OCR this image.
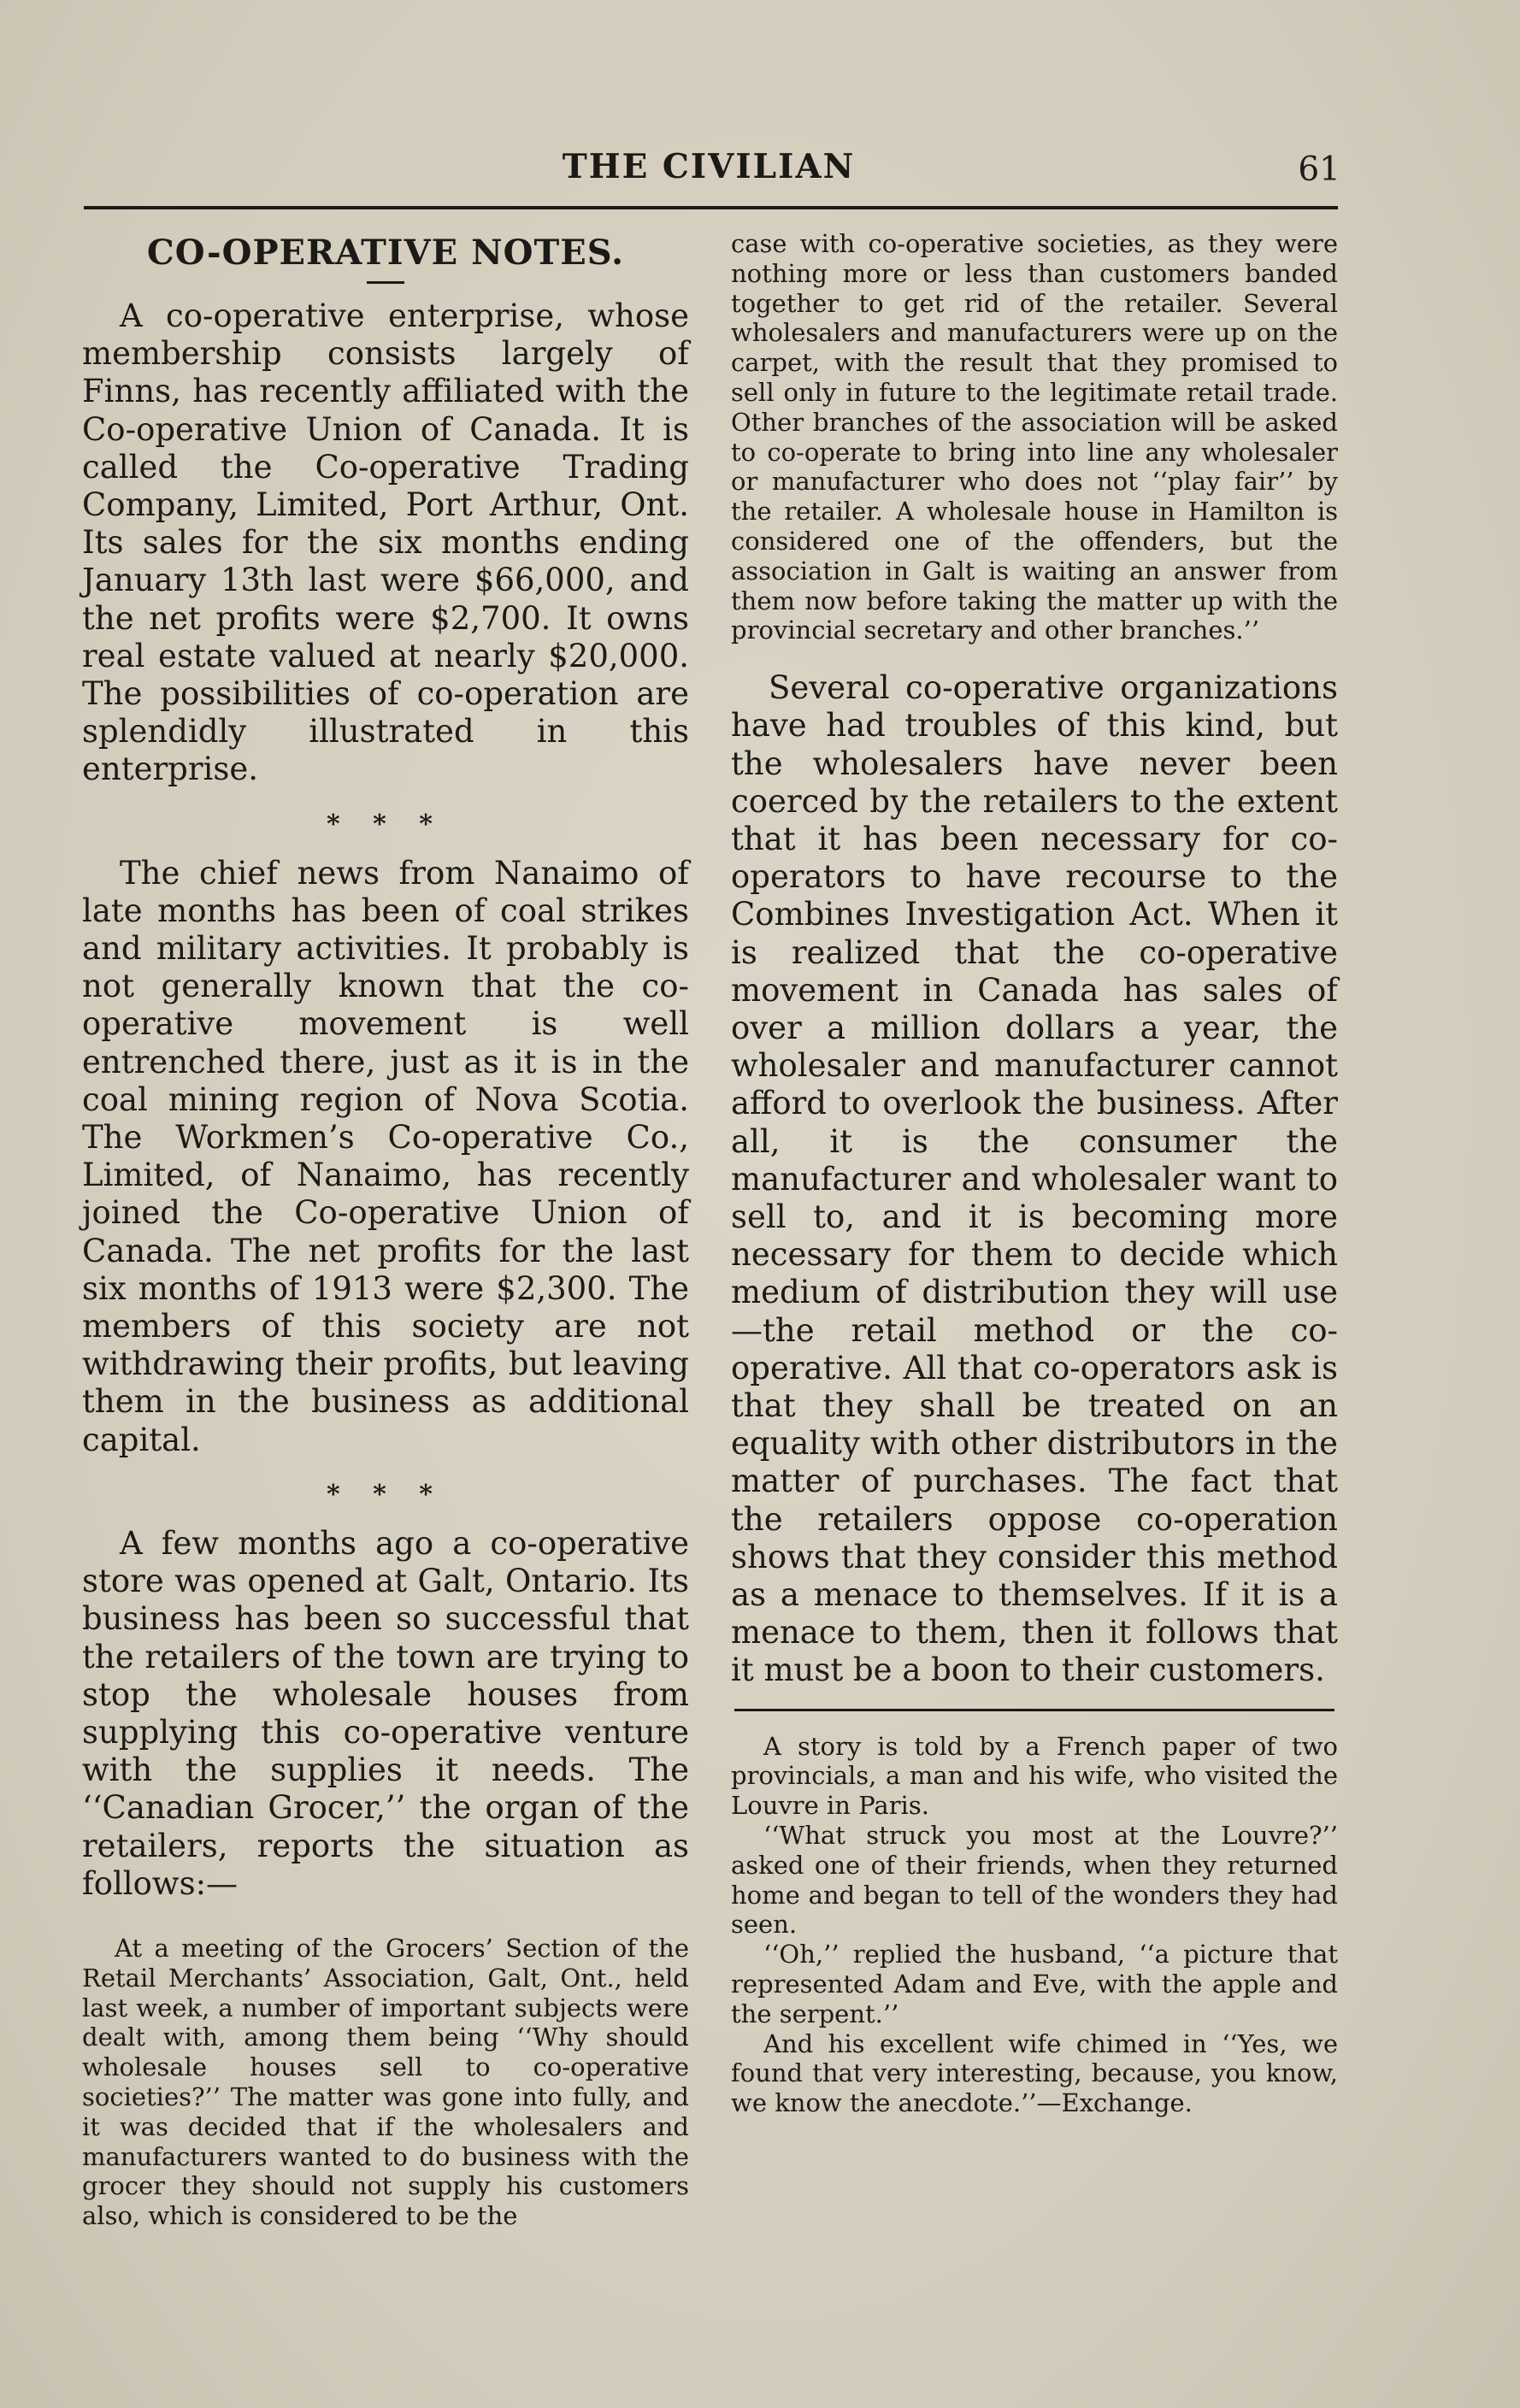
THE CIVILIAN	61
CO-OPERATIVE NOTES.

A co-operative enterprise, whose membership consists largely of Finns, has recently affiliated with the Co-operative Union of Canada. It is called the Co-operative Trading Company, Limited, Port Arthur, Ont. Its sales for the six months ending January 13th last were $66,000, and the net profits were $2,700. It owns real estate valued at nearly $20,000. The possibilities of co-operation are splendidly illustrated in this enterprise.

* * *

The chief news from Nanaimo of late months has been of coal strikes and military activities. It probably is not generally known that the co-operative movement is well entrenched there, just as it is in the coal mining region of Nova Scotia. The Workmen’s Co-operative Co., Limited, of Nanaimo, has recently joined the Co-operative Union of Canada. The net profits for the last six months of 1913 were $2,300. The members of this society are not withdrawing their profits, but leaving them in the business as additional capital.

* * *

A few months ago a co-operative store was opened at Galt, Ontario. Its business has been so successful that the retailers of the town are trying to stop the wholesale houses from supplying this co-operative venture with the supplies it needs. The ‘‘Canadian Grocer,’’ the organ of the retailers, reports the situation as follows:—

At a meeting of the Grocers’ Section of the Retail Merchants’ Association, Galt, Ont., held last week, a number of important subjects were dealt with, among them being ‘‘Why should wholesale houses sell to co-operative societies?’’ The matter was gone into fully, and it was decided that if the wholesalers and manufacturers wanted to do business with the grocer they should not supply his customers also, which is considered to be the

case with co-operative societies, as they were nothing more or less than customers banded together to get rid of the retailer. Several wholesalers and manufacturers were up on the carpet, with the result that they promised to sell only in future to the legitimate retail trade. Other branches of the association will be asked to co-operate to bring into line any wholesaler or manufacturer who does not ‘‘play fair’’ by the retailer. A wholesale house in Hamilton is considered one of the offenders, but the association in Galt is waiting an answer from them now before taking the matter up with the provincial secretary and other branches.’’

Several co-operative organizations have had troubles of this kind, but the wholesalers have never been coerced by the retailers to the extent that it has been necessary for co-operators to have recourse to the Combines Investigation Act. When it is realized that the co-operative movement in Canada has sales of over a million dollars a year, the wholesaler and manufacturer cannot afford to overlook the business. After all, it is the consumer the manufacturer and wholesaler want to sell to, and it is becoming more necessary for them to decide which medium of distribution they will use—the retail method or the co-operative. All that co-operators ask is that they shall be treated on an equality with other distributors in the matter of purchases. The fact that the retailers oppose co-operation shows that they consider this method as a menace to themselves. If it is a menace to them, then it follows that it must be a boon to their customers.

A story is told by a French paper of two provincials, a man and his wife, who visited the Louvre in Paris.

‘‘What struck you most at the Louvre?’’ asked one of their friends, when they returned home and began to tell of the wonders they had seen.

‘‘Oh,’’ replied the husband, ‘‘a picture that represented Adam and Eve, with the apple and the serpent.’’

And his excellent wife chimed in ‘‘Yes, we found that very interesting, because, you know, we know the anecdote.’’—Exchange.
